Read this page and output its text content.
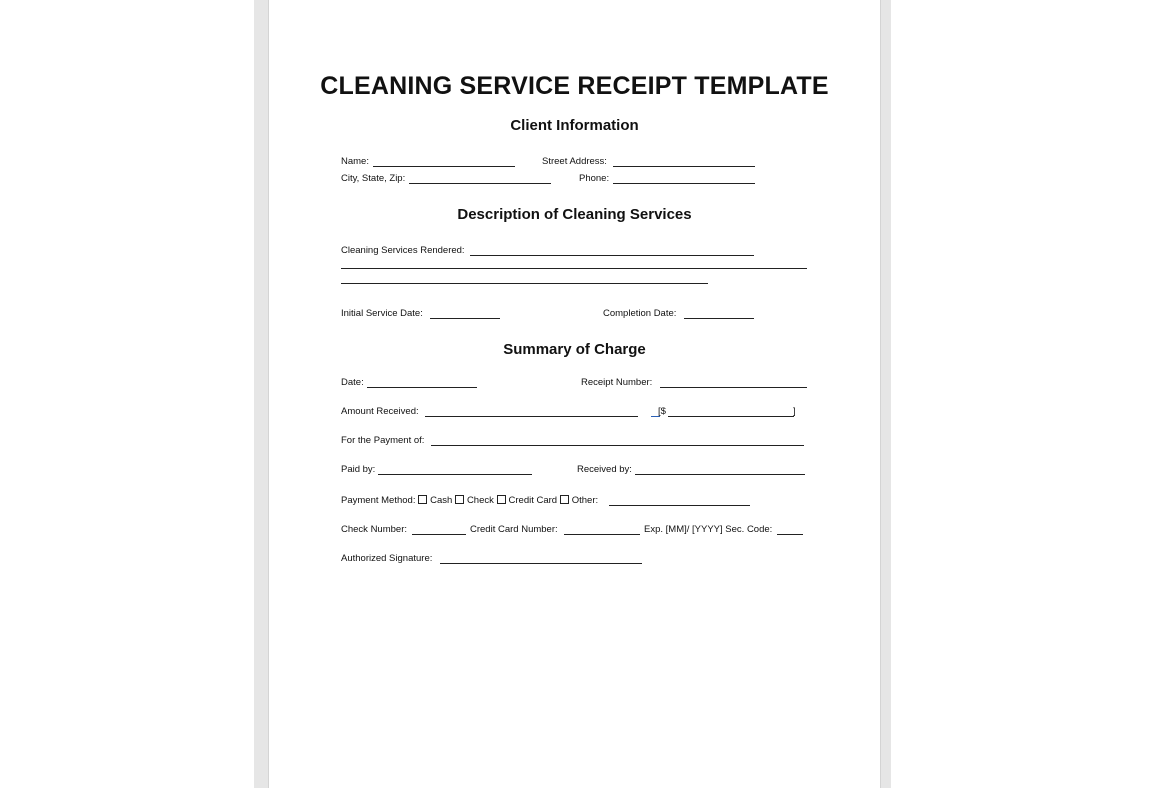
CLEANING SERVICE RECEIPT TEMPLATE
Client Information
Name:	Street Address:
City, State, Zip:	Phone:
Description of Cleaning Services
Cleaning Services Rendered:
Initial Service Date:	Completion Date:
Summary of Charge
Date:	Receipt Number:
Amount Received:	[$	]
For the Payment of:
Paid by:	Received by:
Payment Method: Cash Check Credit Card Other:
Check Number:	Credit Card Number:	Exp. [MM]/ [YYYY] Sec. Code:
Authorized Signature:
